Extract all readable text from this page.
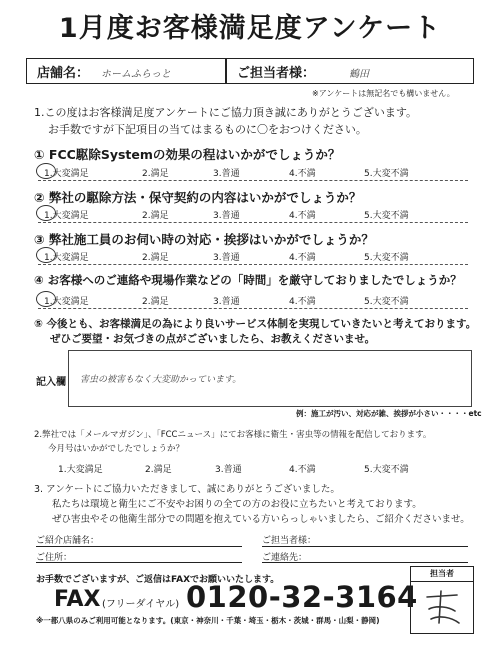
1月度お客様満足度アンケート
店舗名： ホームふらっと	ご担当者様：	鶴田
※アンケートは無記名でも構いません。
1.この度はお客様満足度アンケートにご協力頂き誠にありがとうございます。
お手数ですが下記項目の当てはまるものに〇をおつけください。
① FCC駆除Systemの効果の程はいかがでしょうか？
1.大変満足	2.満足	3.普通	4.不満	5.大変不満
② 弊社の駆除方法・保守契約の内容はいかがでしょうか？
1.大変満足	2.満足	3.普通	4.不満	5.大変不満
③ 弊社施工員のお伺い時の対応・挨拶はいかがでしょうか？
1.大変満足	2.満足	3.普通	4.不満	5.大変不満
④ お客様へのご連絡や現場作業などの「時間」を厳守しておりましたでしょうか？
1.大変満足	2.満足	3.普通	4.不満	5.大変不満
⑤ 今後とも、お客様満足の為により良いサービス体制を実現していきたいと考えております。
ぜひご要望・お気づきの点がございましたら、お教えくださいませ。
記入欄 害虫の被害もなく大変助かっています。
例：施工が汚い、対応が雑、挨拶が小さい・・・・etc
2.弊社では「メールマガジン」、「FCCニュース」にてお客様に衛生・害虫等の情報を配信しております。
今月号はいかがでしたでしょうか？
1.大変満足	2.満足	3.普通	4.不満	5.大変不満
3. アンケートにご協力いただきまして、誠にありがとうございました。
私たちは環境と衛生にご不安やお困りの全ての方のお役に立ちたいと考えております。
ぜひ害虫やその他衛生部分での問題を抱えている方いらっしゃいましたら、ご紹介くださいませ。
ご紹介店舗名：	ご担当者様：
ご住所：	ご連絡先：
お手数でございますが、ご返信はFAXでお願いいたします。
FAX (フリーダイヤル) 0120-32-3164
※一都八県のみご利用可能となります。(東京・神奈川・千葉・埼玉・栃木・茨城・群馬・山梨・静岡)
担当者
